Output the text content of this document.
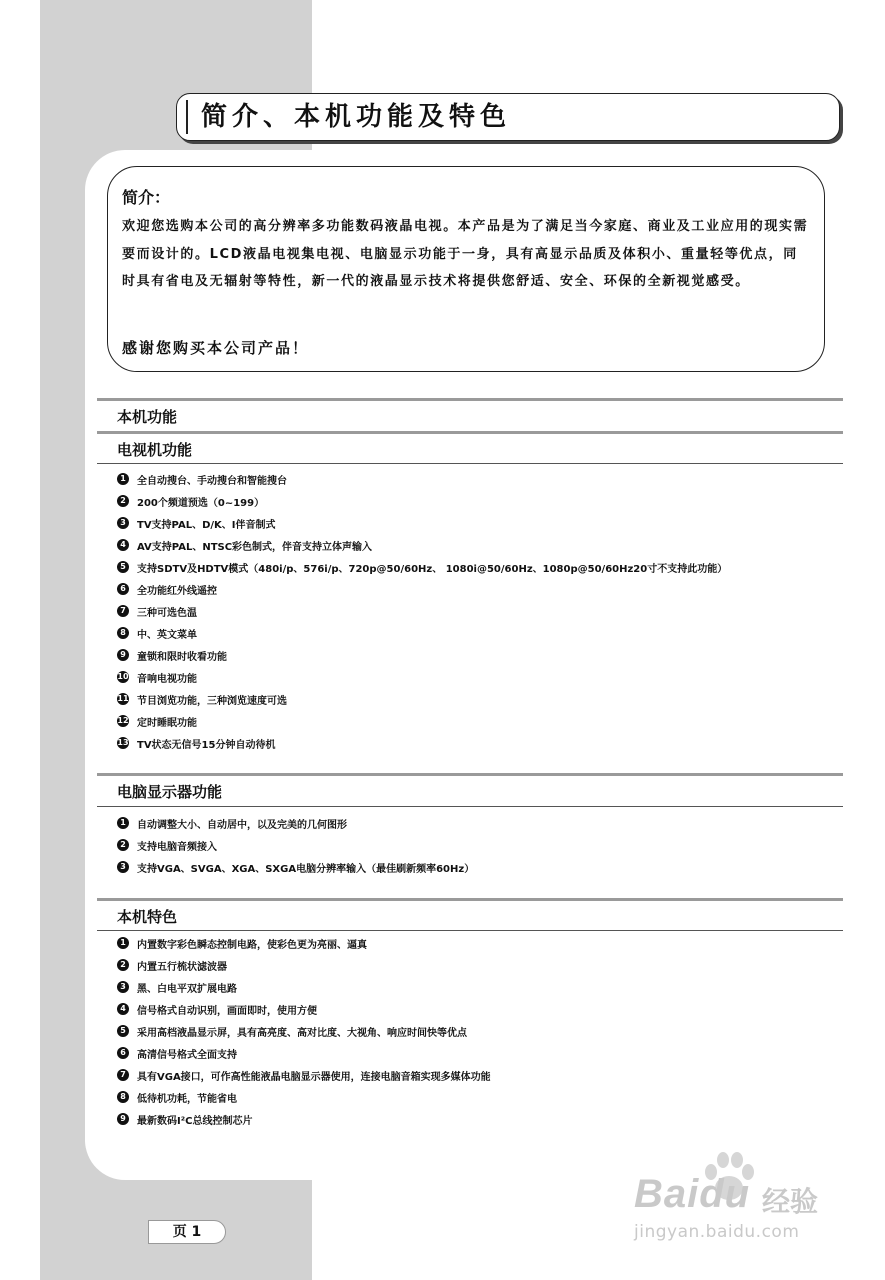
简介、本机功能及特色
简介：
欢迎您选购本公司的高分辨率多功能数码液晶电视。本产品是为了满足当今家庭、商业及工业应用的现实需要而设计的。LCD液晶电视集电视、电脑显示功能于一身，具有高显示品质及体积小、重量轻等优点，同时具有省电及无辐射等特性，新一代的液晶显示技术将提供您舒适、安全、环保的全新视觉感受。
感谢您购买本公司产品！
本机功能
电视机功能
1	全自动搜台、手动搜台和智能搜台
2	200个频道预选（0~199）
3	TV支持PAL、D/K、I伴音制式
4	AV支持PAL、NTSC彩色制式，伴音支持立体声输入
5	支持SDTV及HDTV模式（480i/p、576i/p、720p@50/60Hz、 1080i@50/60Hz、1080p@50/60Hz20寸不支持此功能）
6	全功能红外线遥控
7	三种可选色温
8	中、英文菜单
9	童锁和限时收看功能
10 音响电视功能
11 节目浏览功能，三种浏览速度可选
12 定时睡眠功能
13 TV状态无信号15分钟自动待机
电脑显示器功能
1	自动调整大小、自动居中，以及完美的几何图形
2	支持电脑音频接入
3	支持VGA、SVGA、XGA、SXGA电脑分辨率输入（最佳刷新频率60Hz）
本机特色
1	内置数字彩色瞬态控制电路，使彩色更为亮丽、逼真
2	内置五行梳状滤波器
3	黑、白电平双扩展电路
4	信号格式自动识别，画面即时，使用方便
5	采用高档液晶显示屏，具有高亮度、高对比度、大视角、响应时间快等优点
6	高清信号格式全面支持
7	具有VGA接口，可作高性能液晶电脑显示器使用，连接电脑音箱实现多媒体功能
8	低待机功耗，节能省电
9	最新数码I²C总线控制芯片
页 1
Baidu 经验
jingyan.baidu.com
